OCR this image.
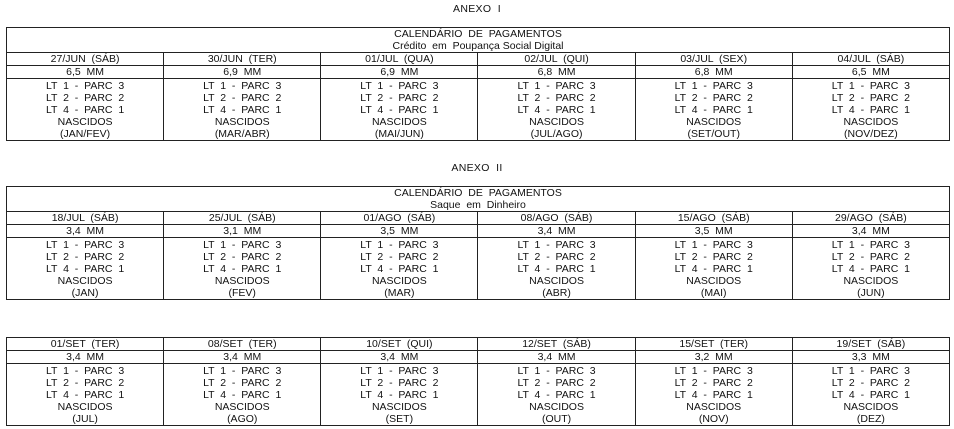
ANEXO  I
CALENDÁRIO  DE  PAGAMENTOS
Crédito  em  Poupança Social Digital					

27/JUN  (SÁB)	30/JUN  (TER)	01/JUL  (QUA)	02/JUL  (QUI)	03/JUL  (SEX)	04/JUL  (SÁB)
6,5  MM	6,9  MM	6,9  MM	6,8  MM	6,8  MM	6,5  MM

LT  1  -  PARC  3
LT  2  -  PARC  2
LT  4  -  PARC  1
NASCIDOS
(JAN/FEV)	LT  1  -  PARC  3
LT  2  -  PARC  2
LT  4  -  PARC  1
NASCIDOS
(MAR/ABR)	LT  1  -  PARC  3
LT  2  -  PARC  2
LT  4  -  PARC  1
NASCIDOS
(MAI/JUN)	LT  1  -  PARC  3
LT  2  -  PARC  2
LT  4  -  PARC  1
NASCIDOS
(JUL/AGO)	LT  1  -  PARC  3
LT  2  -  PARC  2
LT  4  -  PARC  1
NASCIDOS
(SET/OUT)	LT  1  -  PARC  3
LT  2  -  PARC  2
LT  4  -  PARC  1
NASCIDOS
(NOV/DEZ)
ANEXO  II
CALENDÁRIO  DE  PAGAMENTOS
Saque  em  Dinheiro					

18/JUL  (SÁB)	25/JUL  (SÁB)	01/AGO  (SÁB)	08/AGO  (SÁB)	15/AGO  (SÁB)	29/AGO  (SÁB)
3,4  MM	3,1  MM	3,5  MM	3,4  MM	3,5  MM	3,4  MM

LT  1  -  PARC  3
LT  2  -  PARC  2
LT  4  -  PARC  1
NASCIDOS
(JAN)	LT  1  -  PARC  3
LT  2  -  PARC  2
LT  4  -  PARC  1
NASCIDOS
(FEV)	LT  1  -  PARC  3
LT  2  -  PARC  2
LT  4  -  PARC  1
NASCIDOS
(MAR)	LT  1  -  PARC  3
LT  2  -  PARC  2
LT  4  -  PARC  1
NASCIDOS
(ABR)	LT  1  -  PARC  3
LT  2  -  PARC  2
LT  4  -  PARC  1
NASCIDOS
(MAI)	LT  1  -  PARC  3
LT  2  -  PARC  2
LT  4  -  PARC  1
NASCIDOS
(JUN)
01/SET  (TER)	08/SET  (TER)	10/SET  (QUI)	12/SET  (SÁB)	15/SET  (TER)	19/SET  (SÁB)
3,4  MM	3,4  MM	3,4  MM	3,4  MM	3,2  MM	3,3  MM

LT  1  -  PARC  3
LT  2  -  PARC  2
LT  4  -  PARC  1
NASCIDOS
(JUL)	LT  1  -  PARC  3
LT  2  -  PARC  2
LT  4  -  PARC  1
NASCIDOS
(AGO)	LT  1  -  PARC  3
LT  2  -  PARC  2
LT  4  -  PARC  1
NASCIDOS
(SET)	LT  1  -  PARC  3
LT  2  -  PARC  2
LT  4  -  PARC  1
NASCIDOS
(OUT)	LT  1  -  PARC  3
LT  2  -  PARC  2
LT  4  -  PARC  1
NASCIDOS
(NOV)	LT  1  -  PARC  3
LT  2  -  PARC  2
LT  4  -  PARC  1
NASCIDOS
(DEZ)
